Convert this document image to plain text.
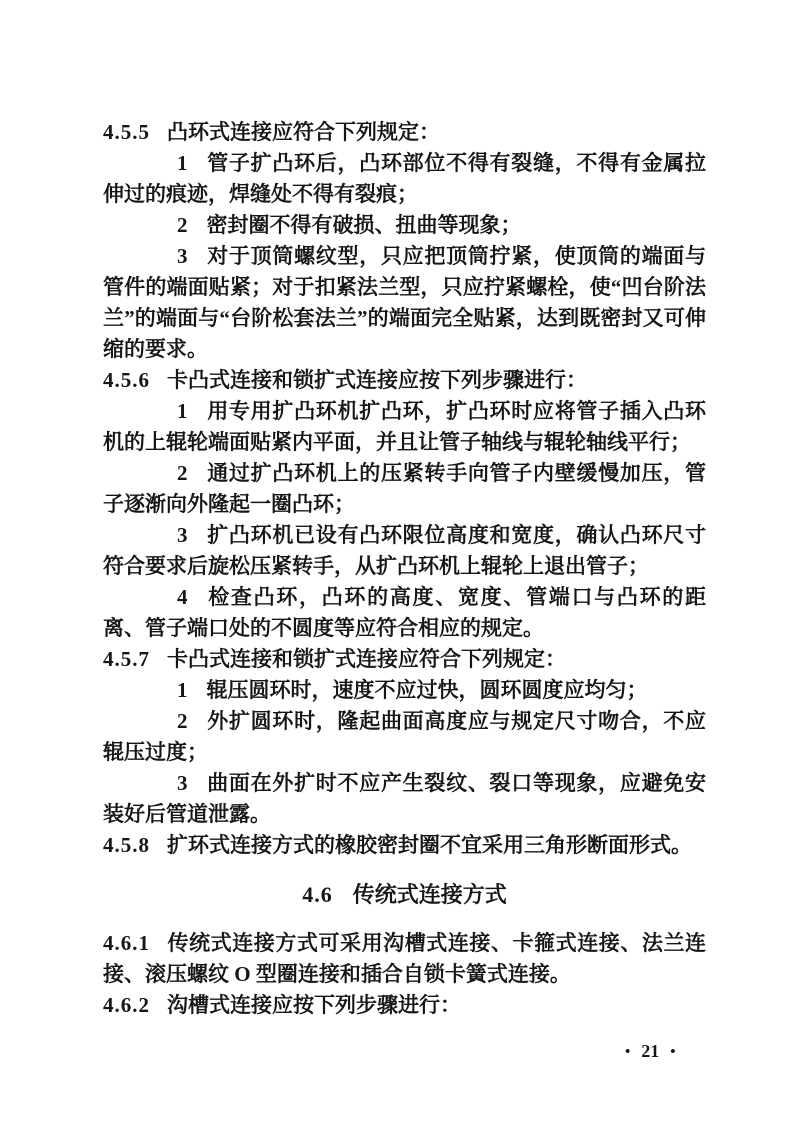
4.5.5 凸环式连接应符合下列规定：

1 管子扩凸环后，凸环部位不得有裂缝，不得有金属拉伸过的痕迹，焊缝处不得有裂痕；

2 密封圈不得有破损、扭曲等现象；

3 对于顶筒螺纹型，只应把顶筒拧紧，使顶筒的端面与管件的端面贴紧；对于扣紧法兰型，只应拧紧螺栓，使“凹台阶法兰”的端面与“台阶松套法兰”的端面完全贴紧，达到既密封又可伸缩的要求。

4.5.6 卡凸式连接和锁扩式连接应按下列步骤进行：

1 用专用扩凸环机扩凸环，扩凸环时应将管子插入凸环机的上辊轮端面贴紧内平面，并且让管子轴线与辊轮轴线平行；

2 通过扩凸环机上的压紧转手向管子内壁缓慢加压，管子逐渐向外隆起一圈凸环；

3 扩凸环机已设有凸环限位高度和宽度，确认凸环尺寸符合要求后旋松压紧转手，从扩凸环机上辊轮上退出管子；

4 检查凸环，凸环的高度、宽度、管端口与凸环的距离、管子端口处的不圆度等应符合相应的规定。

4.5.7 卡凸式连接和锁扩式连接应符合下列规定：

1 辊压圆环时，速度不应过快，圆环圆度应均匀；

2 外扩圆环时，隆起曲面高度应与规定尺寸吻合，不应辊压过度；

3 曲面在外扩时不应产生裂纹、裂口等现象，应避免安装好后管道泄露。

4.5.8 扩环式连接方式的橡胶密封圈不宜采用三角形断面形式。

4.6 传统式连接方式

4.6.1 传统式连接方式可采用沟槽式连接、卡箍式连接、法兰连接、滚压螺纹 O 型圈连接和插合自锁卡簧式连接。

4.6.2 沟槽式连接应按下列步骤进行：

• 21 •
